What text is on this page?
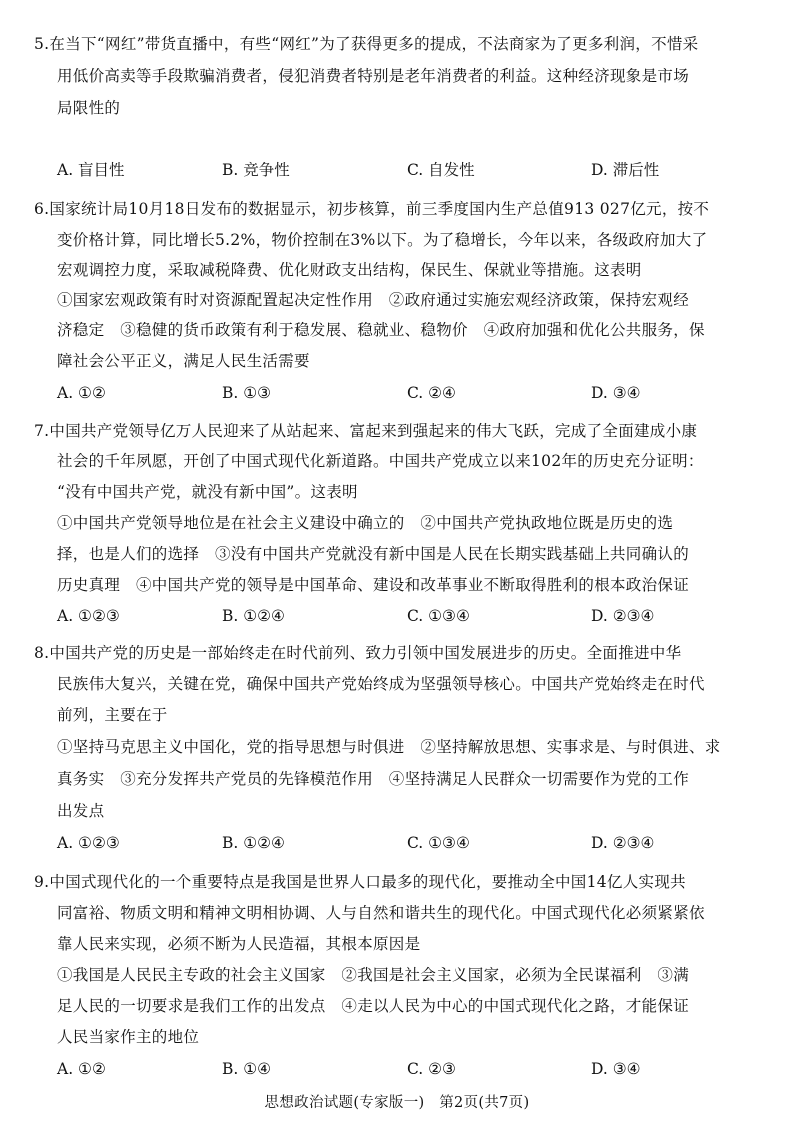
5.在当下“网红”带货直播中，有些“网红”为了获得更多的提成，不法商家为了更多利润，不惜采
用低价高卖等手段欺骗消费者，侵犯消费者特别是老年消费者的利益。这种经济现象是市场
局限性的
A. 盲目性	B. 竞争性	C. 自发性	D. 滞后性
6.国家统计局10月18日发布的数据显示，初步核算，前三季度国内生产总值913 027亿元，按不
变价格计算，同比增长5.2%，物价控制在3%以下。为了稳增长，今年以来，各级政府加大了
宏观调控力度，采取减税降费、优化财政支出结构，保民生、保就业等措施。这表明
①国家宏观政策有时对资源配置起决定性作用　②政府通过实施宏观经济政策，保持宏观经
济稳定　③稳健的货币政策有利于稳发展、稳就业、稳物价　④政府加强和优化公共服务，保
障社会公平正义，满足人民生活需要
A. ①②	B. ①③	C. ②④	D. ③④
7.中国共产党领导亿万人民迎来了从站起来、富起来到强起来的伟大飞跃，完成了全面建成小康
社会的千年夙愿，开创了中国式现代化新道路。中国共产党成立以来102年的历史充分证明：
“没有中国共产党，就没有新中国”。这表明
①中国共产党领导地位是在社会主义建设中确立的　②中国共产党执政地位既是历史的选
择，也是人们的选择　③没有中国共产党就没有新中国是人民在长期实践基础上共同确认的
历史真理　④中国共产党的领导是中国革命、建设和改革事业不断取得胜利的根本政治保证
A. ①②③	B. ①②④	C. ①③④	D. ②③④
8.中国共产党的历史是一部始终走在时代前列、致力引领中国发展进步的历史。全面推进中华
民族伟大复兴，关键在党，确保中国共产党始终成为坚强领导核心。中国共产党始终走在时代
前列，主要在于
①坚持马克思主义中国化，党的指导思想与时俱进　②坚持解放思想、实事求是、与时俱进、求
真务实　③充分发挥共产党员的先锋模范作用　④坚持满足人民群众一切需要作为党的工作
出发点
A. ①②③	B. ①②④	C. ①③④	D. ②③④
9.中国式现代化的一个重要特点是我国是世界人口最多的现代化，要推动全中国14亿人实现共
同富裕、物质文明和精神文明相协调、人与自然和谐共生的现代化。中国式现代化必须紧紧依
靠人民来实现，必须不断为人民造福，其根本原因是
①我国是人民民主专政的社会主义国家　②我国是社会主义国家，必须为全民谋福利　③满
足人民的一切要求是我们工作的出发点　④走以人民为中心的中国式现代化之路，才能保证
人民当家作主的地位
A. ①②	B. ①④	C. ②③	D. ③④
思想政治试题(专家版一)　第2页(共7页)
